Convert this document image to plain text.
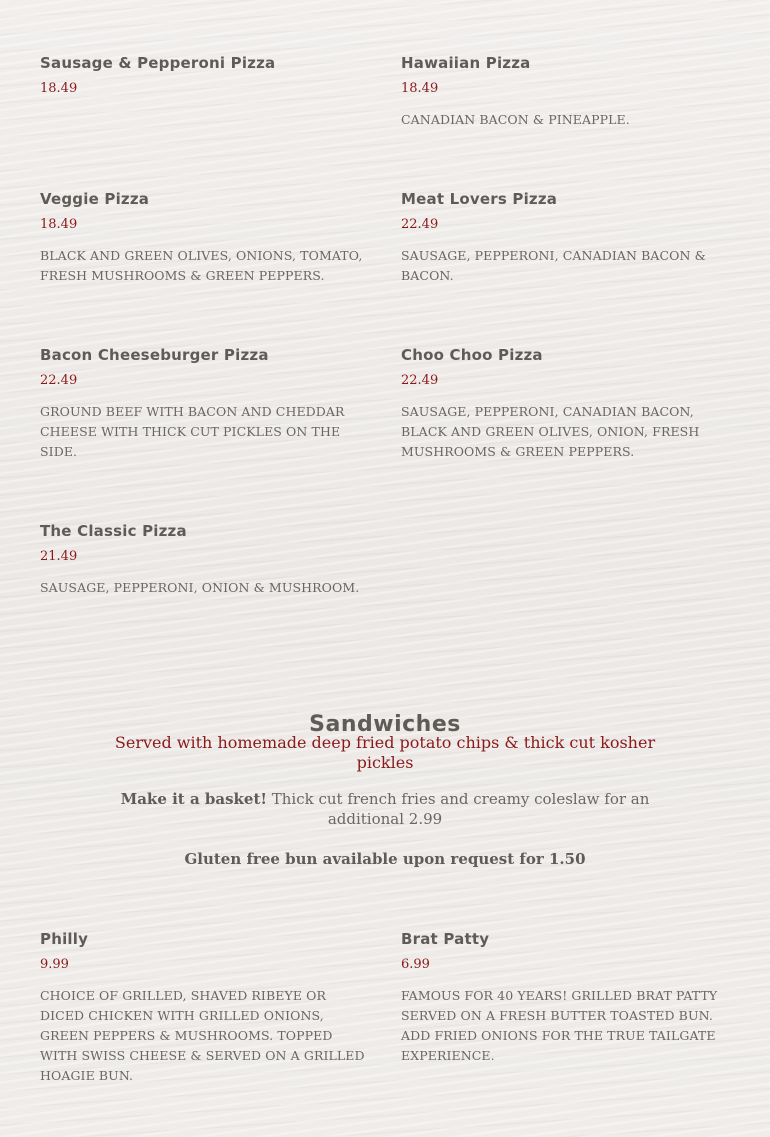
Sausage & Pepperoni Pizza
18.49
Hawaiian Pizza
18.49
CANADIAN BACON & PINEAPPLE.
Veggie Pizza
18.49
BLACK AND GREEN OLIVES, ONIONS, TOMATO, FRESH MUSHROOMS & GREEN PEPPERS.
Meat Lovers Pizza
22.49
SAUSAGE, PEPPERONI, CANADIAN BACON & BACON.
Bacon Cheeseburger Pizza
22.49
GROUND BEEF WITH BACON AND CHEDDAR CHEESE WITH THICK CUT PICKLES ON THE SIDE.
Choo Choo Pizza
22.49
SAUSAGE, PEPPERONI, CANADIAN BACON, BLACK AND GREEN OLIVES, ONION, FRESH MUSHROOMS & GREEN PEPPERS.
The Classic Pizza
21.49
SAUSAGE, PEPPERONI, ONION & MUSHROOM.
Sandwiches
Served with homemade deep fried potato chips & thick cut kosher pickles
Make it a basket! Thick cut french fries and creamy coleslaw for an additional 2.99
Gluten free bun available upon request for 1.50
Philly
9.99
CHOICE OF GRILLED, SHAVED RIBEYE OR DICED CHICKEN WITH GRILLED ONIONS, GREEN PEPPERS & MUSHROOMS. TOPPED WITH SWISS CHEESE & SERVED ON A GRILLED HOAGIE BUN.
Brat Patty
6.99
FAMOUS FOR 40 YEARS! GRILLED BRAT PATTY SERVED ON A FRESH BUTTER TOASTED BUN. ADD FRIED ONIONS FOR THE TRUE TAILGATE EXPERIENCE.
